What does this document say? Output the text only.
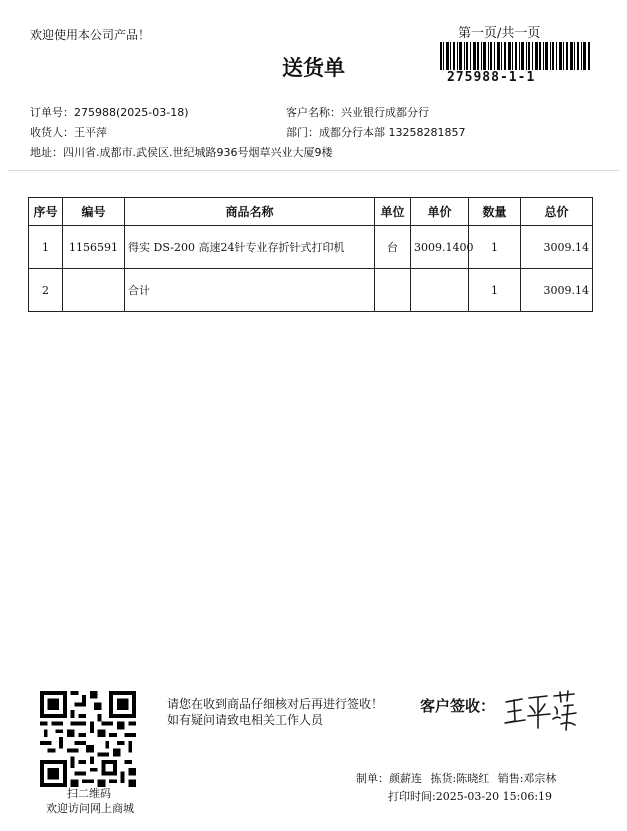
欢迎使用本公司产品！	第一页/共一页
275988-1-1
送货单
订单号：275988(2025-03-18)	客户名称：兴业银行成都分行
收货人：王平萍	部门：成都分行本部 13258281857
地址：四川省.成都市.武侯区.世纪城路936号烟草兴业大厦9楼
序号	编号	商品名称	单位	单价	数量	总价
1	1156591	得实 DS-200 高速24针专业存折针式打印机	台	3009.1400	1	3009.14
2		合计			1	3009.14
扫二维码
欢迎访问网上商城
请您在收到商品仔细核对后再进行签收！如有疑问请致电相关工作人员
客户签收：
制单：颜薪连 拣货:陈晓红 销售:邓宗林
打印时间:2025-03-20 15:06:19
